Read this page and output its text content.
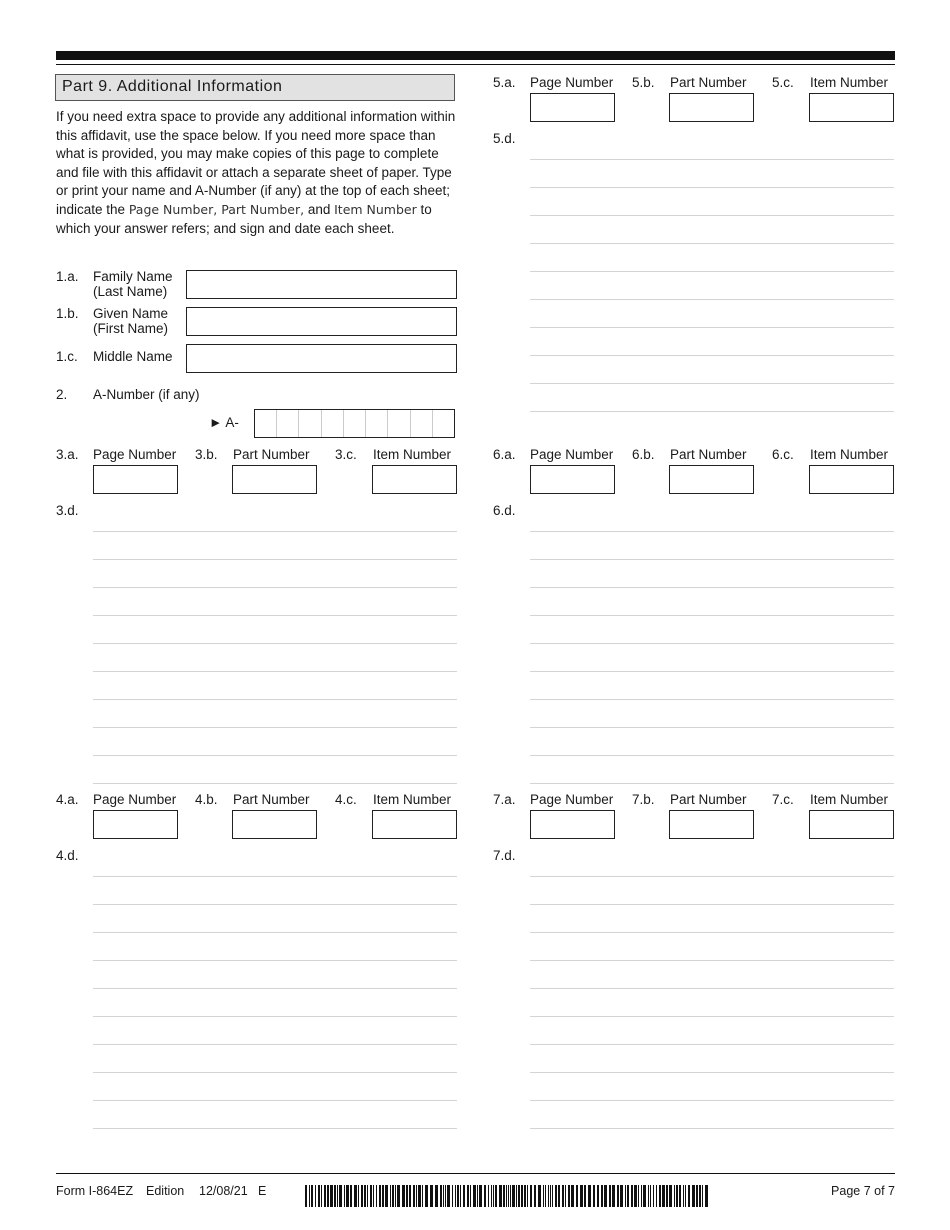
Part 9. Additional Information
If you need extra space to provide any additional information within this affidavit, use the space below. If you need more space than what is provided, you may make copies of this page to complete and file with this affidavit or attach a separate sheet of paper. Type or print your name and A-Number (if any) at the top of each sheet; indicate the Page Number, Part Number, and Item Number to which your answer refers; and sign and date each sheet.
1.a. Family Name
(Last Name)
1.b. Given Name
(First Name)
1.c. Middle Name
2. A-Number (if any)
► A-
3.a. Page Number 3.b. Part Number 3.c. Item Number
3.d.
4.a. Page Number 4.b. Part Number 4.c. Item Number
4.d.
5.a. Page Number 5.b. Part Number 5.c. Item Number
5.d.
6.a. Page Number 6.b. Part Number 6.c. Item Number
6.d.
7.a. Page Number 7.b. Part Number 7.c. Item Number
7.d.
Form I-864EZ Edition 12/08/21 E	Page 7 of 7
